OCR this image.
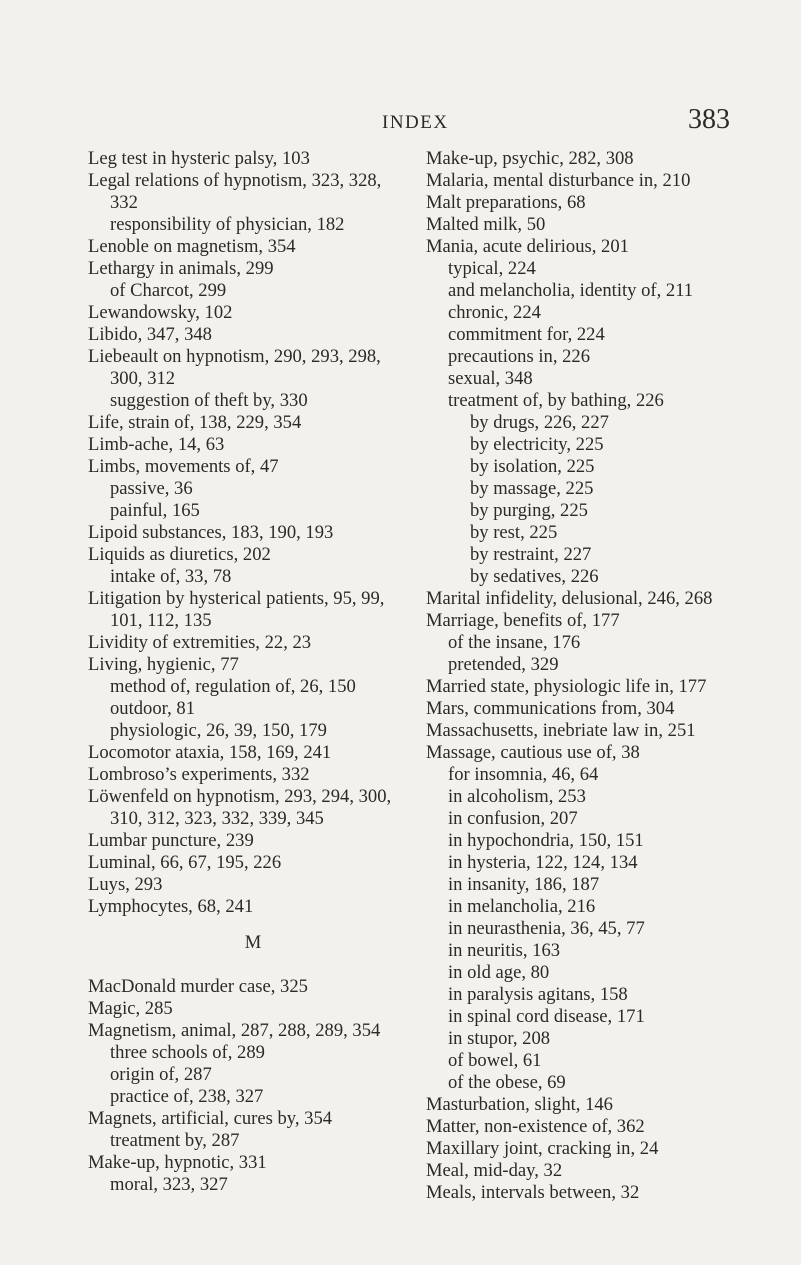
INDEX	383
Leg test in hysteric palsy, 103
Legal relations of hypnotism, 323, 328,
332
responsibility of physician, 182
Lenoble on magnetism, 354
Lethargy in animals, 299
of Charcot, 299
Lewandowsky, 102
Libido, 347, 348
Liebeault on hypnotism, 290, 293, 298,
300, 312
suggestion of theft by, 330
Life, strain of, 138, 229, 354
Limb-ache, 14, 63
Limbs, movements of, 47
passive, 36
painful, 165
Lipoid substances, 183, 190, 193
Liquids as diuretics, 202
intake of, 33, 78
Litigation by hysterical patients, 95, 99,
101, 112, 135
Lividity of extremities, 22, 23
Living, hygienic, 77
method of, regulation of, 26, 150
outdoor, 81
physiologic, 26, 39, 150, 179
Locomotor ataxia, 158, 169, 241
Lombroso’s experiments, 332
Löwenfeld on hypnotism, 293, 294, 300,
310, 312, 323, 332, 339, 345
Lumbar puncture, 239
Luminal, 66, 67, 195, 226
Luys, 293
Lymphocytes, 68, 241
M
MacDonald murder case, 325
Magic, 285
Magnetism, animal, 287, 288, 289, 354
three schools of, 289
origin of, 287
practice of, 238, 327
Magnets, artificial, cures by, 354
treatment by, 287
Make-up, hypnotic, 331
moral, 323, 327
Make-up, psychic, 282, 308
Malaria, mental disturbance in, 210
Malt preparations, 68
Malted milk, 50
Mania, acute delirious, 201
typical, 224
and melancholia, identity of, 211
chronic, 224
commitment for, 224
precautions in, 226
sexual, 348
treatment of, by bathing, 226
by drugs, 226, 227
by electricity, 225
by isolation, 225
by massage, 225
by purging, 225
by rest, 225
by restraint, 227
by sedatives, 226
Marital infidelity, delusional, 246, 268
Marriage, benefits of, 177
of the insane, 176
pretended, 329
Married state, physiologic life in, 177
Mars, communications from, 304
Massachusetts, inebriate law in, 251
Massage, cautious use of, 38
for insomnia, 46, 64
in alcoholism, 253
in confusion, 207
in hypochondria, 150, 151
in hysteria, 122, 124, 134
in insanity, 186, 187
in melancholia, 216
in neurasthenia, 36, 45, 77
in neuritis, 163
in old age, 80
in paralysis agitans, 158
in spinal cord disease, 171
in stupor, 208
of bowel, 61
of the obese, 69
Masturbation, slight, 146
Matter, non-existence of, 362
Maxillary joint, cracking in, 24
Meal, mid-day, 32
Meals, intervals between, 32
